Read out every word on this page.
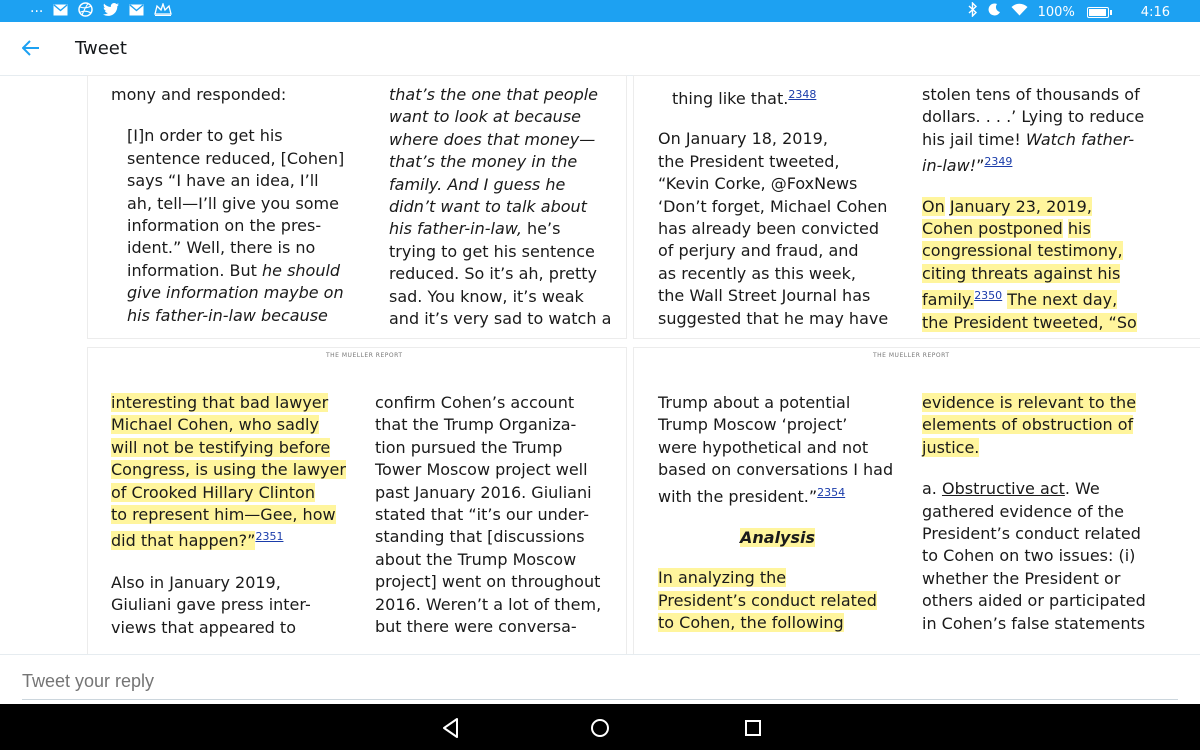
···	100%	4:16
Tweet
THE MUELLER REPORT	THE MUELLER REPORT

mony and responded:

[I]n order to get his
sentence reduced, [Cohen]
says “I have an idea, I’ll
ah, tell—I’ll give you some
information on the pres-
ident.” Well, there is no
information. But he should
give information maybe on
his father-in-law because

that’s the one that people
want to look at because
where does that money—
that’s the money in the
family. And I guess he
didn’t want to talk about
his father-in-law, he’s
trying to get his sentence
reduced. So it’s ah, pretty
sad. You know, it’s weak
and it’s very sad to watch a

thing like that.$^{2348}$

On January 18, 2019,
the President tweeted,
“Kevin Corke, @FoxNews
‘Don’t forget, Michael Cohen
has already been convicted
of perjury and fraud, and
as recently as this week,
the Wall Street Journal has
suggested that he may have

stolen tens of thousands of
dollars. . . .’ Lying to reduce
his jail time! Watch father-
in-law!”$^{2349}$

On January 23, 2019,
Cohen postponed his
congressional testimony,
citing threats against his
family.$^{2350}$ The next day,
the President tweeted, “So

interesting that bad lawyer
Michael Cohen, who sadly
will not be testifying before
Congress, is using the lawyer
of Crooked Hillary Clinton
to represent him—Gee, how
did that happen?”$^{2351}$

Also in January 2019,
Giuliani gave press inter-
views that appeared to

confirm Cohen’s account
that the Trump Organiza-
tion pursued the Trump
Tower Moscow project well
past January 2016. Giuliani
stated that “it’s our under-
standing that [discussions
about the Trump Moscow
project] went on throughout
2016. Weren’t a lot of them,
but there were conversa-

Trump about a potential
Trump Moscow ‘project’
were hypothetical and not
based on conversations I had
with the president.”$^{2354}$

Analysis

In analyzing the
President’s conduct related
to Cohen, the following

evidence is relevant to the
elements of obstruction of
justice.

a. Obstructive act. We
gathered evidence of the
President’s conduct related
to Cohen on two issues: (i)
whether the President or
others aided or participated
in Cohen’s false statements

Tweet your reply
